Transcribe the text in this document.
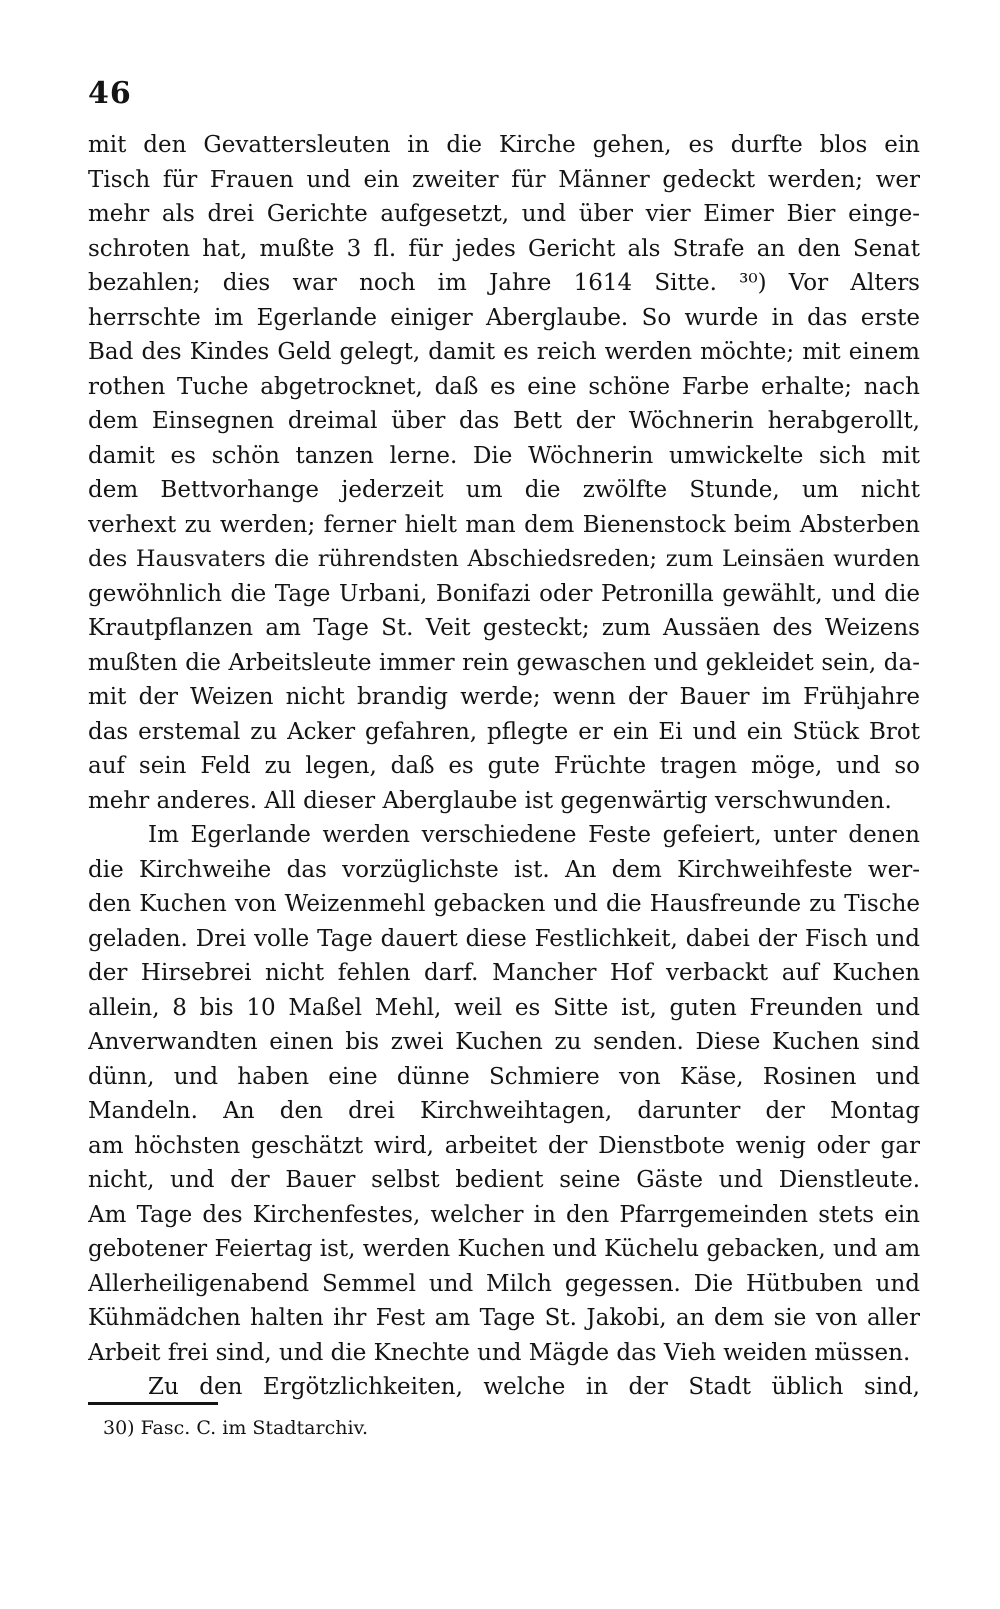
46
mit den Gevattersleuten in die Kirche gehen, es durfte blos ein
Tisch für Frauen und ein zweiter für Männer gedeckt werden; wer
mehr als drei Gerichte aufgesetzt, und über vier Eimer Bier einge-
schroten hat, mußte 3 fl. für jedes Gericht als Strafe an den Senat
bezahlen; dies war noch im Jahre 1614 Sitte. ³⁰) Vor Alters
herrschte im Egerlande einiger Aberglaube. So wurde in das erste
Bad des Kindes Geld gelegt, damit es reich werden möchte; mit einem
rothen Tuche abgetrocknet, daß es eine schöne Farbe erhalte; nach
dem Einsegnen dreimal über das Bett der Wöchnerin herabgerollt,
damit es schön tanzen lerne. Die Wöchnerin umwickelte sich mit
dem Bettvorhange jederzeit um die zwölfte Stunde, um nicht
verhext zu werden; ferner hielt man dem Bienenstock beim Absterben
des Hausvaters die rührendsten Abschiedsreden; zum Leinsäen wurden
gewöhnlich die Tage Urbani, Bonifazi oder Petronilla gewählt, und die
Krautpflanzen am Tage St. Veit gesteckt; zum Aussäen des Weizens
mußten die Arbeitsleute immer rein gewaschen und gekleidet sein, da-
mit der Weizen nicht brandig werde; wenn der Bauer im Frühjahre
das erstemal zu Acker gefahren, pflegte er ein Ei und ein Stück Brot
auf sein Feld zu legen, daß es gute Früchte tragen möge, und so
mehr anderes. All dieser Aberglaube ist gegenwärtig verschwunden.
Im Egerlande werden verschiedene Feste gefeiert, unter denen
die Kirchweihe das vorzüglichste ist. An dem Kirchweihfeste wer-
den Kuchen von Weizenmehl gebacken und die Hausfreunde zu Tische
geladen. Drei volle Tage dauert diese Festlichkeit, dabei der Fisch und
der Hirsebrei nicht fehlen darf. Mancher Hof verbackt auf Kuchen
allein, 8 bis 10 Maßel Mehl, weil es Sitte ist, guten Freunden und
Anverwandten einen bis zwei Kuchen zu senden. Diese Kuchen sind
dünn, und haben eine dünne Schmiere von Käse, Rosinen und
Mandeln. An den drei Kirchweihtagen, darunter der Montag
am höchsten geschätzt wird, arbeitet der Dienstbote wenig oder gar
nicht, und der Bauer selbst bedient seine Gäste und Dienstleute.
Am Tage des Kirchenfestes, welcher in den Pfarrgemeinden stets ein
gebotener Feiertag ist, werden Kuchen und Küchelu gebacken, und am
Allerheiligenabend Semmel und Milch gegessen. Die Hütbuben und
Kühmädchen halten ihr Fest am Tage St. Jakobi, an dem sie von aller
Arbeit frei sind, und die Knechte und Mägde das Vieh weiden müssen.
Zu den Ergötzlichkeiten, welche in der Stadt üblich sind,
30) Fasc. C. im Stadtarchiv.
